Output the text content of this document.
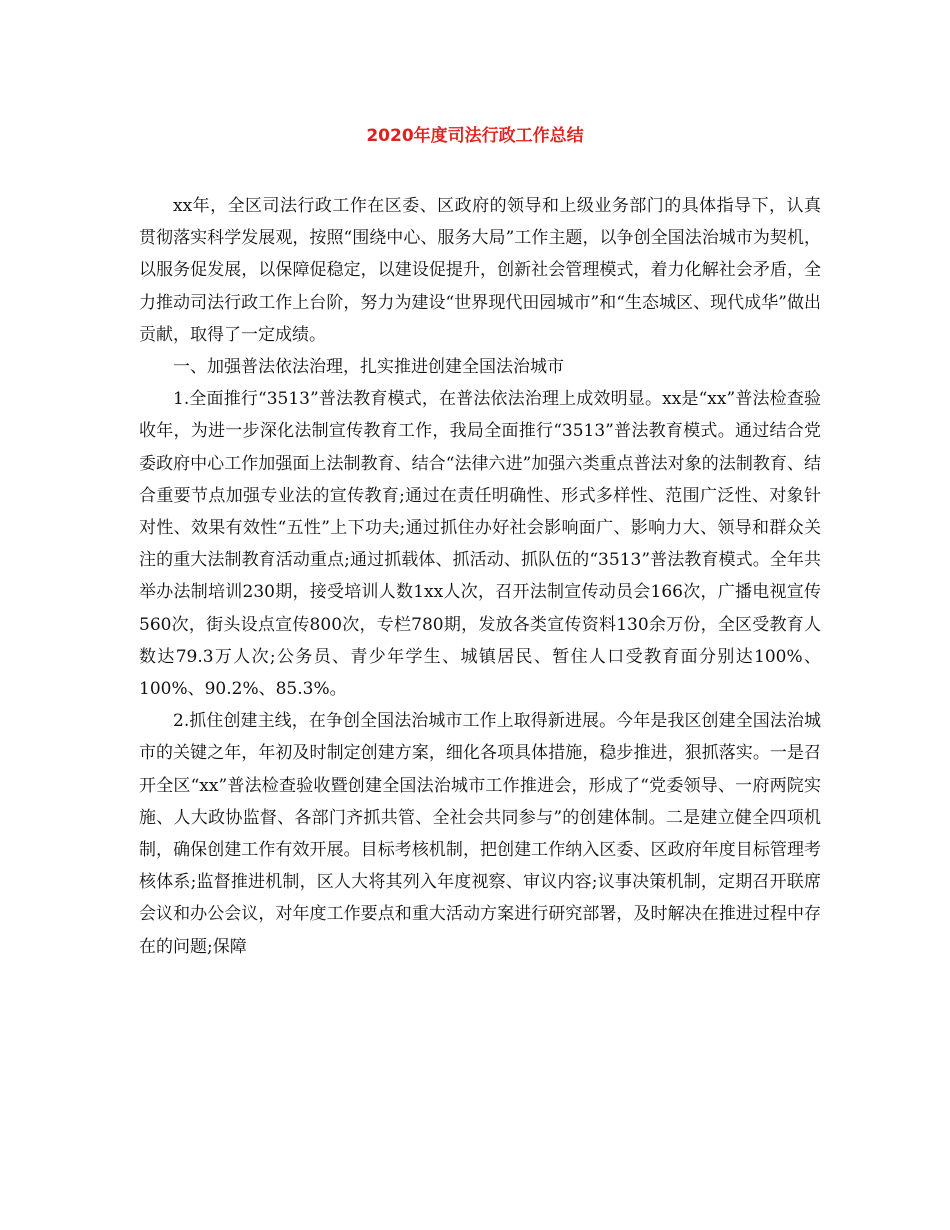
2020年度司法行政工作总结

xx年，全区司法行政工作在区委、区政府的领导和上级业务部门的具体指导下，认真贯彻落实科学发展观，按照“围绕中心、服务大局”工作主题，以争创全国法治城市为契机，以服务促发展，以保障促稳定，以建设促提升，创新社会管理模式，着力化解社会矛盾，全力推动司法行政工作上台阶，努力为建设“世界现代田园城市”和“生态城区、现代成华”做出贡献，取得了一定成绩。

一、加强普法依法治理，扎实推进创建全国法治城市

1.全面推行“3513”普法教育模式，在普法依法治理上成效明显。xx是“xx”普法检查验收年，为进一步深化法制宣传教育工作，我局全面推行“3513”普法教育模式。通过结合党委政府中心工作加强面上法制教育、结合“法律六进”加强六类重点普法对象的法制教育、结合重要节点加强专业法的宣传教育;通过在责任明确性、形式多样性、范围广泛性、对象针对性、效果有效性“五性”上下功夫;通过抓住办好社会影响面广、影响力大、领导和群众关注的重大法制教育活动重点;通过抓载体、抓活动、抓队伍的“3513”普法教育模式。全年共举办法制培训230期，接受培训人数1xx人次，召开法制宣传动员会166次，广播电视宣传560次，街头设点宣传800次，专栏780期，发放各类宣传资料130余万份，全区受教育人数达79.3万人次;公务员、青少年学生、城镇居民、暂住人口受教育面分别达100%、100%、90.2%、85.3%。

2.抓住创建主线，在争创全国法治城市工作上取得新进展。今年是我区创建全国法治城市的关键之年，年初及时制定创建方案，细化各项具体措施，稳步推进，狠抓落实。一是召开全区“xx”普法检查验收暨创建全国法治城市工作推进会，形成了“党委领导、一府两院实施、人大政协监督、各部门齐抓共管、全社会共同参与”的创建体制。二是建立健全四项机制，确保创建工作有效开展。目标考核机制，把创建工作纳入区委、区政府年度目标管理考核体系;监督推进机制，区人大将其列入年度视察、审议内容;议事决策机制，定期召开联席会议和办公会议，对年度工作要点和重大活动方案进行研究部署，及时解决在推进过程中存在的问题;保障
